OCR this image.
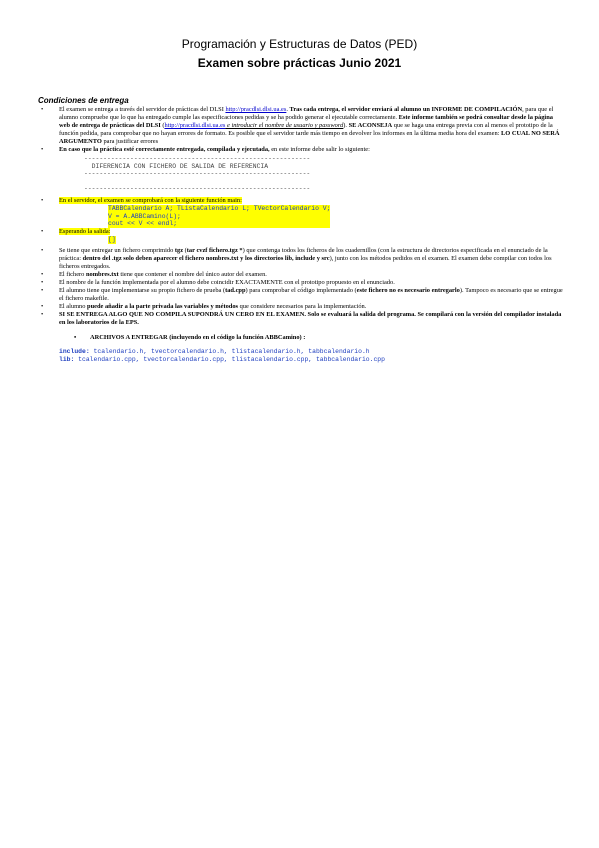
Programación y Estructuras de Datos (PED)
Examen sobre prácticas Junio 2021
Condiciones de entrega

• El examen se entrega a través del servidor de prácticas del DLSI http://pracdlsi.dlsi.ua.es. Tras cada entrega, el servidor enviará al alumno un INFORME DE COMPILACIÓN, para que el alumno compruebe que lo que ha entregado cumple las especificaciones pedidas y se ha podido generar el ejecutable correctamente. Este informe también se podrá consultar desde la página web de entrega de prácticas del DLSI (http://pracdlsi.dlsi.ua.es e introducir el nombre de usuario y password). SE ACONSEJA que se haga una entrega previa con al menos el prototipo de la función pedida, para comprobar que no hayan errores de formato. Es posible que el servidor tarde más tiempo en devolver los informes en la última media hora del examen: LO CUAL NO SERÁ ARGUMENTO para justificar errores

• En caso que la práctica esté correctamente entregada, compilada y ejecutada, en este informe debe salir lo siguiente:

-----------------------------------------------------------
DIFERENCIA CON FICHERO DE SALIDA DE REFERENCIA
-----------------------------------------------------------

-----------------------------------------------------------

• En el servidor, el examen se comprobará con la siguiente función main:

TABBCalendario A; TListaCalendario L; TVectorCalendario V;
V = A.ABBCamino(L);
cout << V << endl;

• Esperando la salida:

[]

• Se tiene que entregar un fichero comprimido tgz (tar cvzf fichero.tgz *) que contenga todos los ficheros de los cuadernillos (con la estructura de directorios especificada en el enunciado de la práctica: dentro del .tgz solo deben aparecer el fichero nombres.txt y los directorios lib, include y src), junto con los métodos pedidos en el examen. El examen debe compilar con todos los ficheros entregados.

• El fichero nombres.txt tiene que contener el nombre del único autor del examen.

• El nombre de la función implementada por el alumno debe coincidir EXACTAMENTE con el prototipo propuesto en el enunciado.

• El alumno tiene que implementarse su propio fichero de prueba (tad.cpp) para comprobar el código implementado (este fichero no es necesario entregarlo). Tampoco es necesario que se entregue el fichero makefile.

• El alumno puede añadir a la parte privada las variables y métodos que considere necesarios para la implementación.

• SI SE ENTREGA ALGO QUE NO COMPILA SUPONDRÁ UN CERO EN EL EXAMEN. Solo se evaluará la salida del programa. Se compilará con la versión del compilador instalada en los laboratorios de la EPS.

• ARCHIVOS A ENTREGAR (incluyendo en el código la función ABBCamino) :

include: tcalendario.h, tvectorcalendario.h, tlistacalendario.h, tabbcalendario.h
lib: tcalendario.cpp, tvectorcalendario.cpp, tlistacalendario.cpp, tabbcalendario.cpp
